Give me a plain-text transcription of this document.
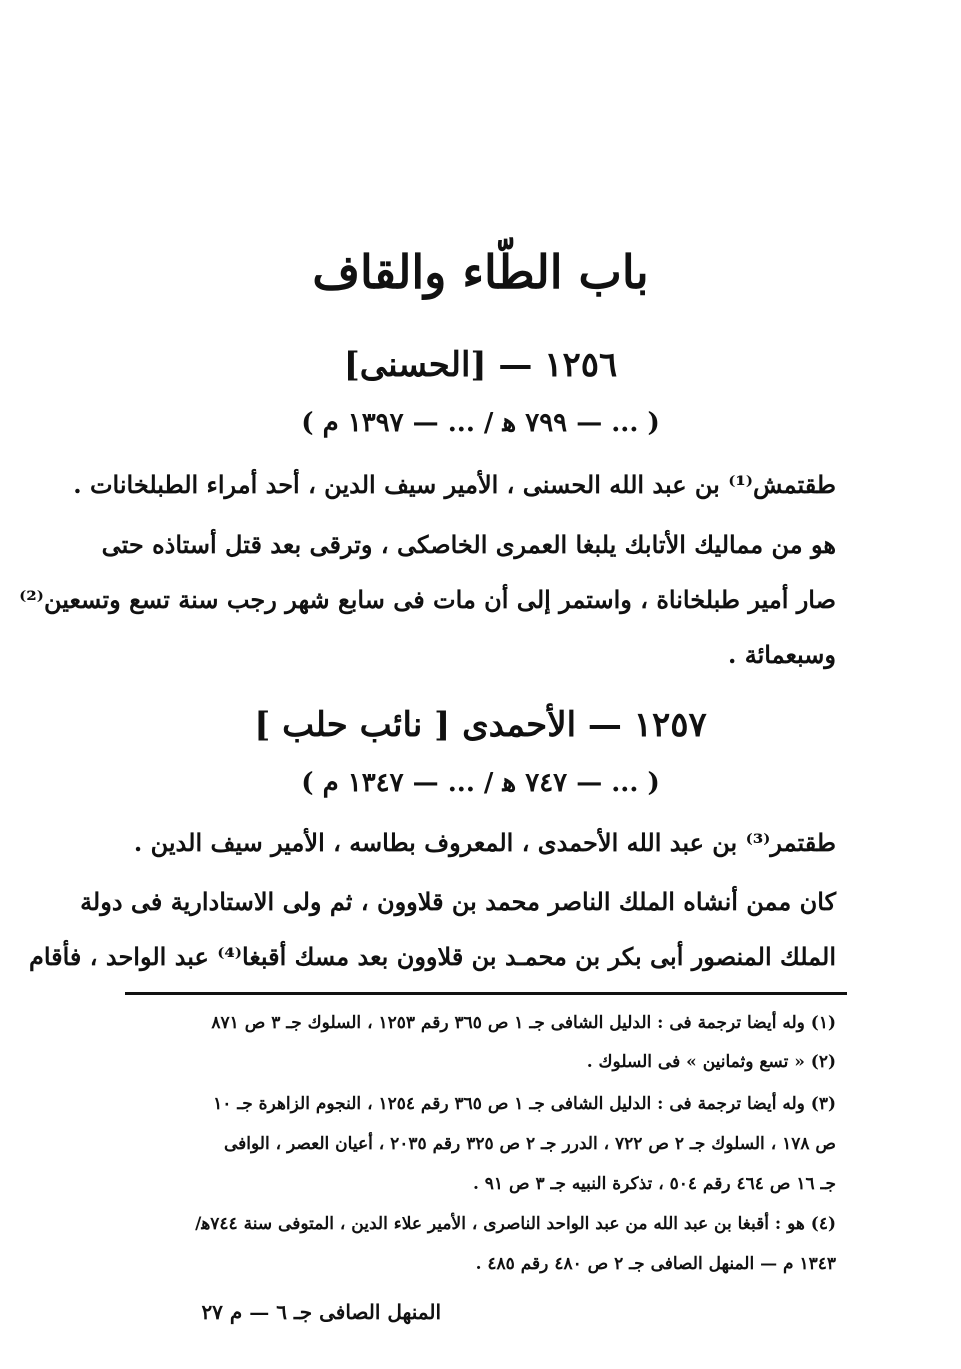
باب الطّاء والقاف
١٢٥٦ — [الحسنى]
( ... — ٧٩٩ ﻫ / ... — ١٣٩٧ م )
طقتمش⁽¹⁾ بن عبد الله الحسنى ، الأمير سيف الدين ، أحد أمراء الطبلخانات .
هو من مماليك الأتابك يلبغا العمرى الخاصكى ، وترقى بعد قتل أستاذه حتى
صار أمير طبلخاناة ، واستمر إلى أن مات فى سابع شهر رجب سنة تسع وتسعين⁽²⁾
وسبعمائة .
١٢٥٧ — الأحمدى [ نائب حلب ]
( ... — ٧٤٧ ﻫ / ... — ١٣٤٧ م )
طقتمر⁽³⁾ بن عبد الله الأحمدى ، المعروف بطاسه ، الأمير سيف الدين .
كان ممن أنشاه الملك الناصر محمد بن قلاوون ، ثم ولى الاستادارية فى دولة
الملك المنصور أبى بكر بن محمـد بن قلاوون بعد مسك أقبغا⁽⁴⁾ عبد الواحد ، فأقام
(١) وله أيضا ترجمة فى : الدليل الشافى جـ ١ ص ٣٦٥ رقم ١٢٥٣ ، السلوك جـ ٣ ص ٨٧١
(٢) « تسع وثمانين » فى السلوك .
(٣) وله أيضا ترجمة فى : الدليل الشافى جـ ١ ص ٣٦٥ رقم ١٢٥٤ ، النجوم الزاهرة جـ ١٠
ص ١٧٨ ، السلوك جـ ٢ ص ٧٢٢ ، الدرر جـ ٢ ص ٣٢٥ رقم ٢٠٣٥ ، أعيان العصر ، الوافى
جـ ١٦ ص ٤٦٤ رقم ٥٠٤ ، تذكرة النبيه جـ ٣ ص ٩١ .
(٤) هو : أقبغا بن عبد الله من عبد الواحد الناصرى ، الأمير علاء الدين ، المتوفى سنة ٧٤٤ﻫ/
١٣٤٣ م — المنهل الصافى جـ ٢ ص ٤٨٠ رقم ٤٨٥ .
المنهل الصافى جـ ٦ — م ٢٧
